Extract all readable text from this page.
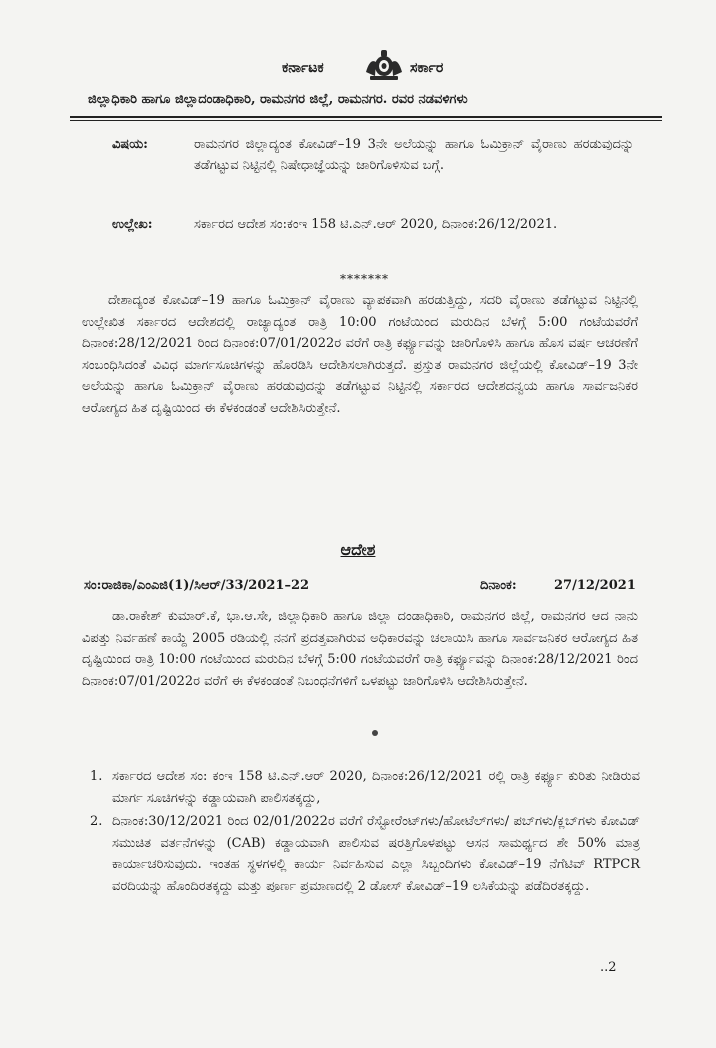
ಕರ್ನಾಟಕ	ಸರ್ಕಾರ
ಜಿಲ್ಲಾಧಿಕಾರಿ ಹಾಗೂ ಜಿಲ್ಲಾದಂಡಾಧಿಕಾರಿ, ರಾಮನಗರ ಜಿಲ್ಲೆ, ರಾಮನಗರ. ರವರ ನಡವಳಿಗಳು
ವಿಷಯ:	ರಾಮನಗರ ಜಿಲ್ಲಾದ್ಯಂತ ಕೋವಿಡ್–19 3ನೇ ಅಲೆಯನ್ನು ಹಾಗೂ ಓಮಿಕ್ರಾನ್ ವೈರಾಣು ಹರಡುವುದನ್ನು ತಡೆಗಟ್ಟುವ ನಿಟ್ಟಿನಲ್ಲಿ ನಿಷೇಧಾಜ್ಞೆಯನ್ನು ಜಾರಿಗೊಳಿಸುವ ಬಗ್ಗೆ.
ಉಲ್ಲೇಖ:	ಸರ್ಕಾರದ ಆದೇಶ ಸಂ:ಕಂಇ 158 ಟಿ.ಎನ್.ಆರ್ 2020, ದಿನಾಂಕ:26/12/2021.
*******
ದೇಶಾದ್ಯಂತ ಕೋವಿಡ್–19 ಹಾಗೂ ಓಮಿಕ್ರಾನ್ ವೈರಾಣು ವ್ಯಾಪಕವಾಗಿ ಹರಡುತ್ತಿದ್ದು, ಸದರಿ ವೈರಾಣು ತಡೆಗಟ್ಟುವ ನಿಟ್ಟಿನಲ್ಲಿ ಉಲ್ಲೇಖಿತ ಸರ್ಕಾರದ ಆದೇಶದಲ್ಲಿ ರಾಜ್ಯಾದ್ಯಂತ ರಾತ್ರಿ 10:00 ಗಂಟೆಯಿಂದ ಮರುದಿನ ಬೆಳಗ್ಗೆ 5:00 ಗಂಟೆಯವರೆಗೆ ದಿನಾಂಕ:28/12/2021 ರಿಂದ ದಿನಾಂಕ:07/01/2022ರ ವರೆಗೆ ರಾತ್ರಿ ಕರ್ಫ್ಯೂವನ್ನು ಜಾರಿಗೊಳಿಸಿ ಹಾಗೂ ಹೊಸ ವರ್ಷ ಆಚರಣೆಗೆ ಸಂಬಂಧಿಸಿದಂತೆ ವಿವಿಧ ಮಾರ್ಗಸೂಚಿಗಳನ್ನು ಹೊರಡಿಸಿ ಆದೇಶಿಸಲಾಗಿರುತ್ತದೆ. ಪ್ರಸ್ತುತ ರಾಮನಗರ ಜಿಲ್ಲೆಯಲ್ಲಿ ಕೋವಿಡ್–19 3ನೇ ಅಲೆಯನ್ನು ಹಾಗೂ ಓಮಿಕ್ರಾನ್ ವೈರಾಣು ಹರಡುವುದನ್ನು ತಡೆಗಟ್ಟುವ ನಿಟ್ಟಿನಲ್ಲಿ ಸರ್ಕಾರದ ಆದೇಶದನ್ವಯ ಹಾಗೂ ಸಾರ್ವಜನಿಕರ ಆರೋಗ್ಯದ ಹಿತ ದೃಷ್ಟಿಯಿಂದ ಈ ಕೆಳಕಂಡಂತೆ ಆದೇಶಿಸಿರುತ್ತೇನೆ.
ಆದೇಶ
ಸಂ:ರಾಜಿಕಾ/ಎಂಎಜಿ(1)/ಸಿಆರ್/33/2021–22	ದಿನಾಂಕ:	27/12/2021
ಡಾ.ರಾಕೇಶ್ ಕುಮಾರ್.ಕೆ, ಭಾ.ಆ.ಸೇ, ಜಿಲ್ಲಾಧಿಕಾರಿ ಹಾಗೂ ಜಿಲ್ಲಾ ದಂಡಾಧಿಕಾರಿ, ರಾಮನಗರ ಜಿಲ್ಲೆ, ರಾಮನಗರ ಆದ ನಾನು ವಿಪತ್ತು ನಿರ್ವಹಣೆ ಕಾಯ್ದೆ 2005 ರಡಿಯಲ್ಲಿ ನನಗೆ ಪ್ರದತ್ತವಾಗಿರುವ ಅಧಿಕಾರವನ್ನು ಚಲಾಯಿಸಿ ಹಾಗೂ ಸಾರ್ವಜನಿಕರ ಆರೋಗ್ಯದ ಹಿತ ದೃಷ್ಟಿಯಿಂದ ರಾತ್ರಿ 10:00 ಗಂಟೆಯಿಂದ ಮರುದಿನ ಬೆಳಗ್ಗೆ 5:00 ಗಂಟೆಯವರೆಗೆ ರಾತ್ರಿ ಕರ್ಫ್ಯೂವನ್ನು ದಿನಾಂಕ:28/12/2021 ರಿಂದ ದಿನಾಂಕ:07/01/2022ರ ವರೆಗೆ ಈ ಕೆಳಕಂಡಂತೆ ನಿಬಂಧನೆಗಳಿಗೆ ಒಳಪಟ್ಟು ಜಾರಿಗೊಳಿಸಿ ಆದೇಶಿಸಿರುತ್ತೇನೆ.
1. ಸರ್ಕಾರದ ಆದೇಶ ಸಂ: ಕಂಇ 158 ಟಿ.ಎನ್.ಆರ್ 2020, ದಿನಾಂಕ:26/12/2021 ರಲ್ಲಿ ರಾತ್ರಿ ಕರ್ಫ್ಯೂ ಕುರಿತು ನೀಡಿರುವ ಮಾರ್ಗ ಸೂಚಿಗಳನ್ನು ಕಡ್ಡಾಯವಾಗಿ ಪಾಲಿಸತಕ್ಕದ್ದು,
2. ದಿನಾಂಕ:30/12/2021 ರಿಂದ 02/01/2022ರ ವರೆಗೆ ರೆಸ್ಟೋರೆಂಟ್‌ಗಳು/ಹೋಟೆಲ್‌ಗಳು/ ಪಬ್‌ಗಳು/ಕ್ಲಬ್‌ಗಳು ಕೋವಿಡ್ ಸಮುಚಿತ ವರ್ತನೆಗಳನ್ನು (CAB) ಕಡ್ಡಾಯವಾಗಿ ಪಾಲಿಸುವ ಷರತ್ತಿಗೊಳಪಟ್ಟು ಆಸನ ಸಾಮರ್ಥ್ಯದ ಶೇ 50% ಮಾತ್ರ ಕಾರ್ಯಾಚರಿಸುವುದು. ಇಂತಹ ಸ್ಥಳಗಳಲ್ಲಿ ಕಾರ್ಯ ನಿರ್ವಹಿಸುವ ಎಲ್ಲಾ ಸಿಬ್ಬಂದಿಗಳು ಕೋವಿಡ್–19 ನೆಗೆಟಿವ್ RTPCR ವರದಿಯನ್ನು ಹೊಂದಿರತಕ್ಕದ್ದು ಮತ್ತು ಪೂರ್ಣ ಪ್ರಮಾಣದಲ್ಲಿ 2 ಡೋಸ್ ಕೋವಿಡ್–19 ಲಸಿಕೆಯನ್ನು ಪಡೆದಿರತಕ್ಕದ್ದು.
..2
